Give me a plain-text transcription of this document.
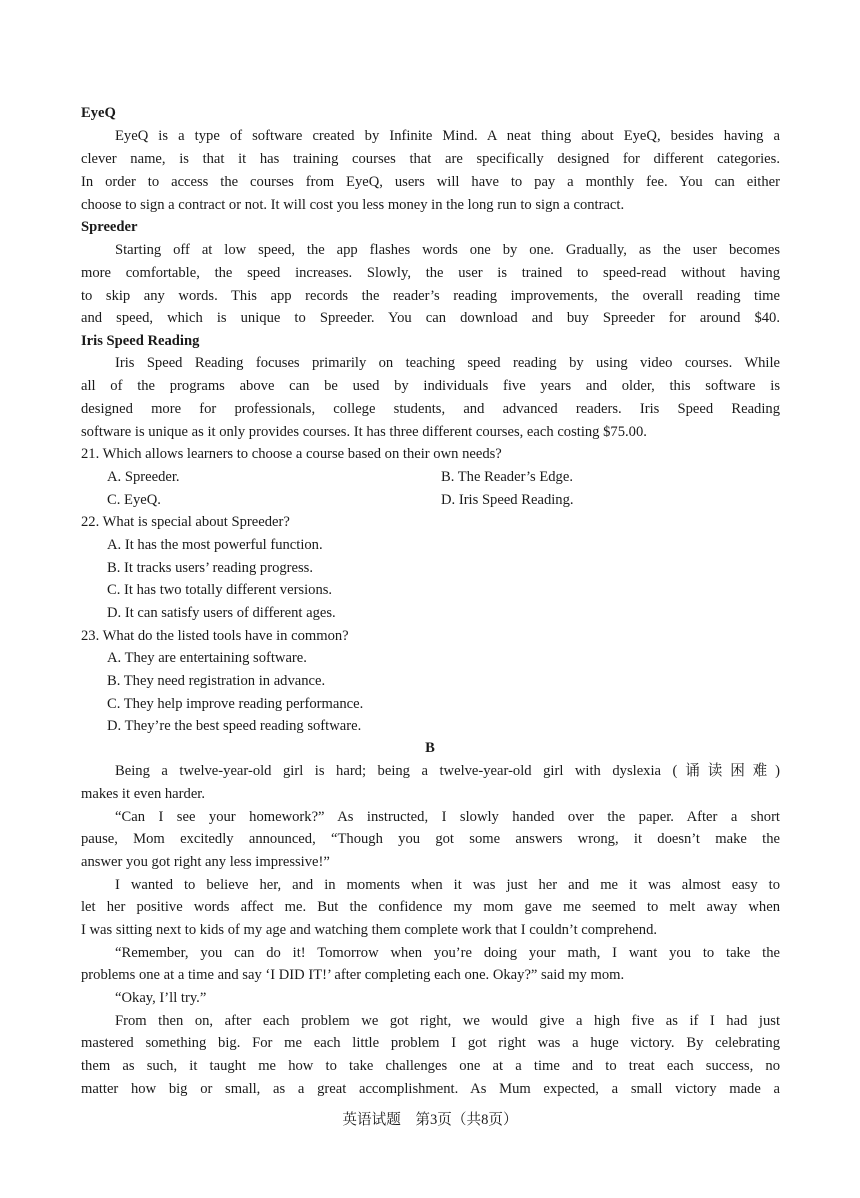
EyeQ
EyeQ is a type of software created by Infinite Mind. A neat thing about EyeQ, besides having a
clever name, is that it has training courses that are specifically designed for different categories.
In order to access the courses from EyeQ, users will have to pay a monthly fee. You can either
choose to sign a contract or not. It will cost you less money in the long run to sign a contract.
Spreeder
Starting off at low speed, the app flashes words one by one. Gradually, as the user becomes
more comfortable, the speed increases. Slowly, the user is trained to speed-read without having
to skip any words. This app records the reader’s reading improvements, the overall reading time
and speed, which is unique to Spreeder. You can download and buy Spreeder for around $40.
Iris Speed Reading
Iris Speed Reading focuses primarily on teaching speed reading by using video courses. While
all of the programs above can be used by individuals five years and older, this software is
designed more for professionals, college students, and advanced readers. Iris Speed Reading
software is unique as it only provides courses. It has three different courses, each costing $75.00.
21. Which allows learners to choose a course based on their own needs?
A. Spreeder.	B. The Reader’s Edge.
C. EyeQ.	D. Iris Speed Reading.
22. What is special about Spreeder?
A. It has the most powerful function.
B. It tracks users’ reading progress.
C. It has two totally different versions.
D. It can satisfy users of different ages.
23. What do the listed tools have in common?
A. They are entertaining software.
B. They need registration in advance.
C. They help improve reading performance.
D. They’re the best speed reading software.
B
Being a twelve-year-old girl is hard; being a twelve-year-old girl with dyslexia (诵读困难)
makes it even harder.
“Can I see your homework?” As instructed, I slowly handed over the paper. After a short
pause, Mom excitedly announced, “Though you got some answers wrong, it doesn’t make the
answer you got right any less impressive!”
I wanted to believe her, and in moments when it was just her and me it was almost easy to
let her positive words affect me. But the confidence my mom gave me seemed to melt away when
I was sitting next to kids of my age and watching them complete work that I couldn’t comprehend.
“Remember, you can do it! Tomorrow when you’re doing your math, I want you to take the
problems one at a time and say ‘I DID IT!’ after completing each one. Okay?” said my mom.
“Okay, I’ll try.”
From then on, after each problem we got right, we would give a high five as if I had just
mastered something big. For me each little problem I got right was a huge victory. By celebrating
them as such, it taught me how to take challenges one at a time and to treat each success, no
matter how big or small, as a great accomplishment. As Mum expected, a small victory made a
英语试题　第3页（共8页）
